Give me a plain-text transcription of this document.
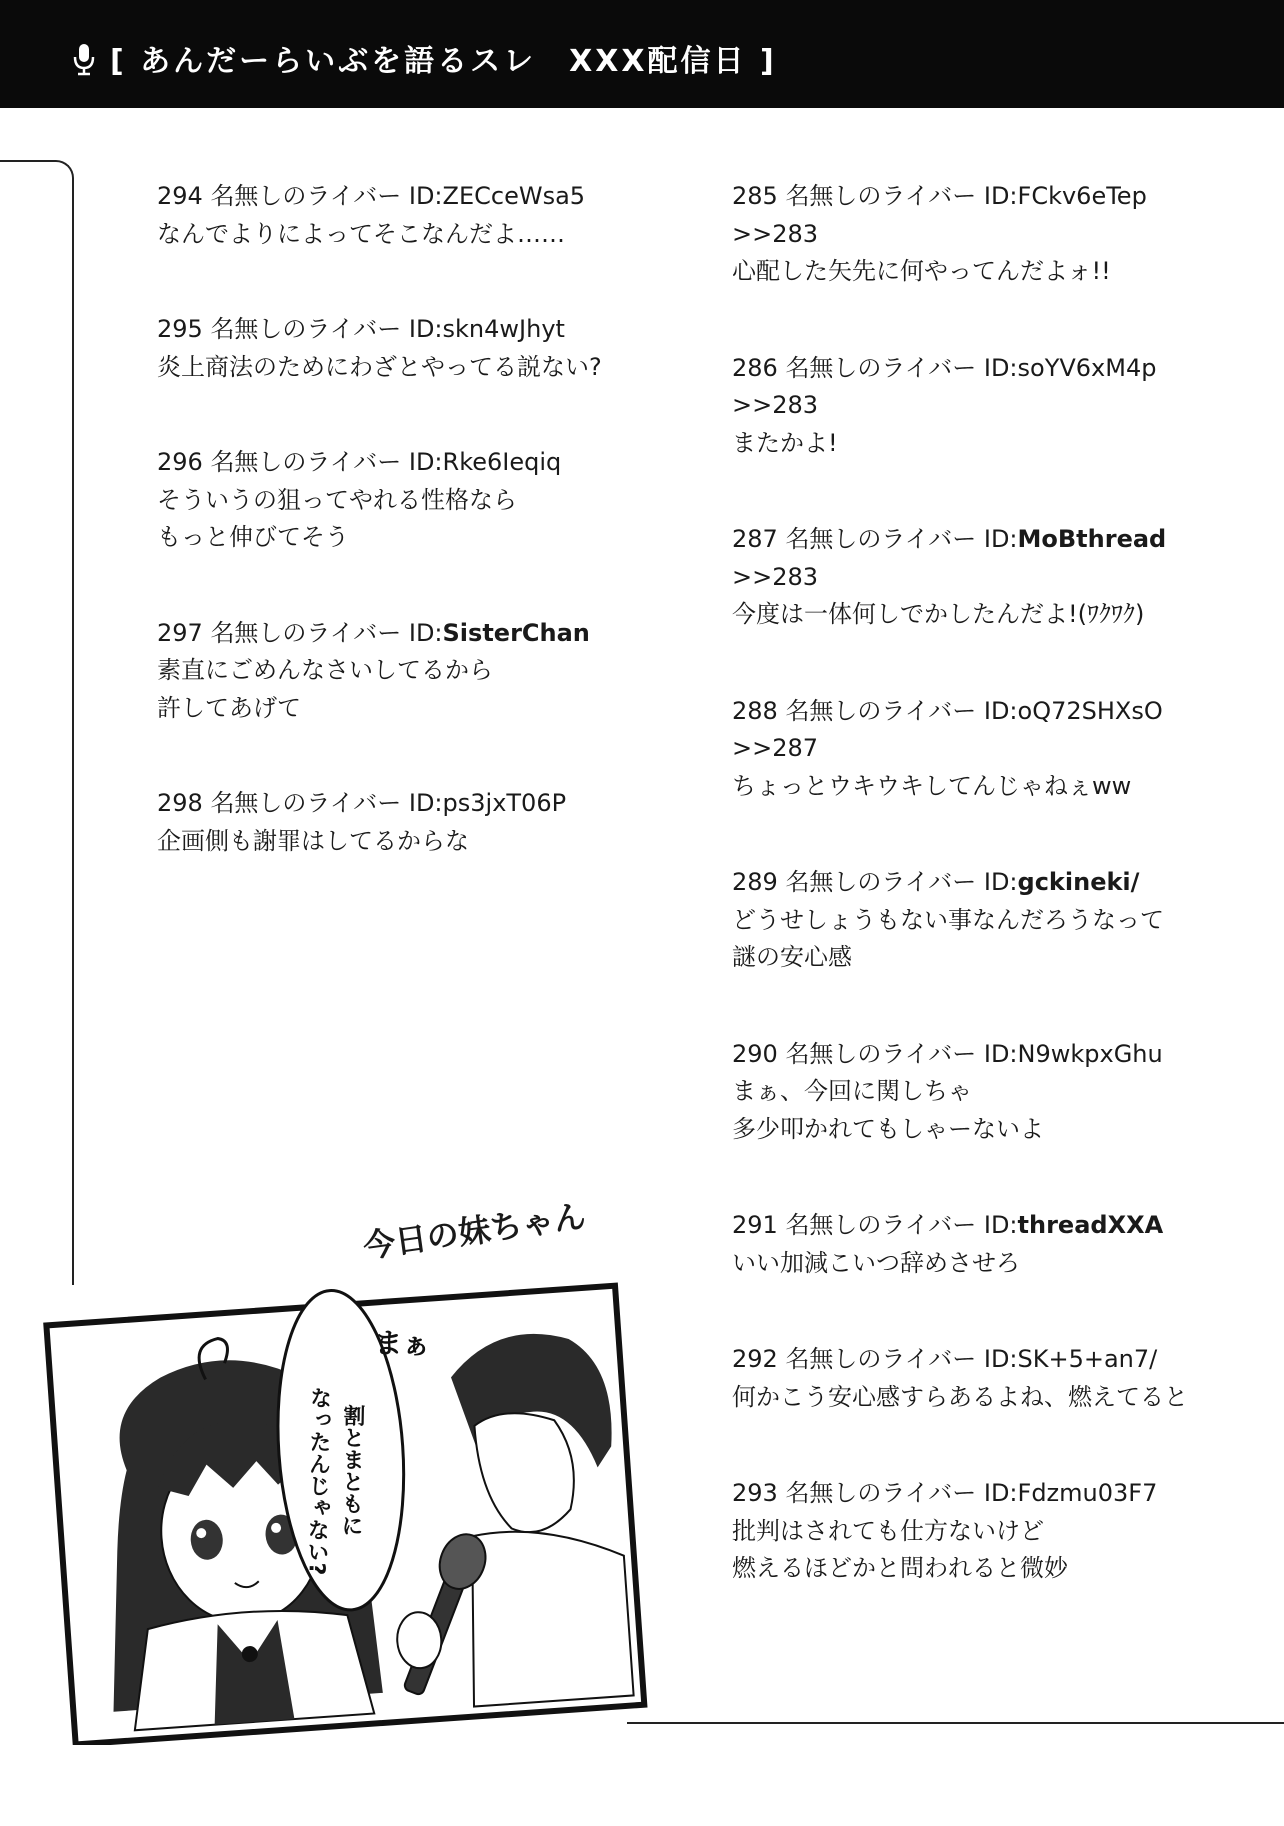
[ あんだーらいぶを語るスレ　XXX配信日 ]
294 名無しのライバー ID:ZECceWsa5
なんでよりによってそこなんだよ……
295 名無しのライバー ID:skn4wJhyt
炎上商法のためにわざとやってる説ない?
296 名無しのライバー ID:Rke6Ieqiq
そういうの狙ってやれる性格なら
もっと伸びてそう
297 名無しのライバー ID:SisterChan
素直にごめんなさいしてるから
許してあげて
298 名無しのライバー ID:ps3jxT06P
企画側も謝罪はしてるからな
285 名無しのライバー ID:FCkv6eTep
>>283
心配した矢先に何やってんだよォ!!
286 名無しのライバー ID:soYV6xM4p
>>283
またかよ!
287 名無しのライバー ID:MoBthread
>>283
今度は一体何しでかしたんだよ!(ﾜｸﾜｸ)
288 名無しのライバー ID:oQ72SHXsO
>>287
ちょっとウキウキしてんじゃねぇww
289 名無しのライバー ID:gckineki/
どうせしょうもない事なんだろうなって
謎の安心感
290 名無しのライバー ID:N9wkpxGhu
まぁ、今回に関しちゃ
多少叩かれてもしゃーないよ
291 名無しのライバー ID:threadXXA
いい加減こいつ辞めさせろ
292 名無しのライバー ID:SK+5+an7/
何かこう安心感すらあるよね、燃えてると
293 名無しのライバー ID:Fdzmu03F7
批判はされても仕方ないけど
燃えるほどかと問われると微妙
今日の妹ちゃん
まぁ
割とまともに
なったんじゃない?
